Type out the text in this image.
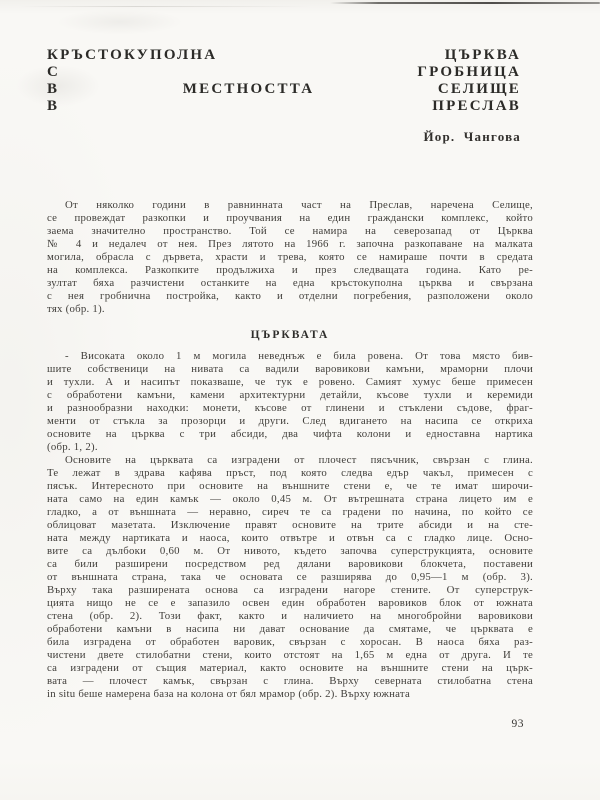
КРЪСТОКУПОЛНА ЦЪРКВА
С ГРОБНИЦА
В МЕСТНОСТТА СЕЛИЩЕ
В ПРЕСЛАВ
Йор. Чангова
От няколко години в равнинната част на Преслав, наречена Селище,
се провеждат разкопки и проучвания на един граждански комплекс, който
заема значително пространство. Той се намира на северозапад от Църква
№ 4 и недалеч от нея. През лятото на 1966 г. започна разкопаване на малката
могила, обрасла с дървета, храсти и трева, която се намираше почти в средата
на комплекса. Разкопките продължиха и през следващата година. Като ре-
зултат бяха разчистени останките на една кръстокуполна църква и свързана
с нея гробнична постройка, както и отделни погребения, разположени около
тях (обр. 1).
ЦЪРКВАТА
- Високата около 1 м могила неведнъж е била ровена. От това място бив-
шите собственици на нивата са вадили варовикови камъни, мраморни плочи
и тухли. А и насипът показваше, че тук е ровено. Самият хумус беше примесен
с обработени камъни, камени архитектурни детайли, късове тухли и керемиди
и разнообразни находки: монети, късове от глинени и стъклени съдове, фраг-
менти от стъкла за прозорци и други. След вдигането на насипа се откриха
основите на църква с три абсиди, два чифта колони и едноставна нартика
(обр. 1, 2).
Основите на църквата са изградени от плочест пясъчник, свързан с глина.
Те лежат в здрава кафява пръст, под която следва едър чакъл, примесен с
пясък. Интересното при основите на външните стени е, че те имат широчи-
ната само на един камък — около 0,45 м. От вътрешната страна лицето им е
гладко, а от външната — неравно, сиреч те са градени по начина, по който се
облицоват мазетата. Изключение правят основите на трите абсиди и на сте-
ната между нартиката и наоса, които отвътре и отвън са с гладко лице. Осно-
вите са дълбоки 0,60 м. От нивото, където започва суперструкцията, основите
са били разширени посредством ред дялани варовикови блокчета, поставени
от външната страна, така че основата се разширява до 0,95—1 м (обр. 3).
Върху така разширената основа са изградени нагоре стените. От суперструк-
цията нищо не се е запазило освен един обработен варовиков блок от южната
стена (обр. 2). Този факт, както и наличието на многобройни варовикови
обработени камъни в насипа ни дават основание да смятаме, че църквата е
била изградена от обработен варовик, свързан с хоросан. В наоса бяха раз-
чистени двете стилобатни стени, които отстоят на 1,65 м една от друга. И те
са изградени от същия материал, както основите на външните стени на църк-
вата — плочест камък, свързан с глина. Върху северната стилобатна стена
in situ беше намерена база на колона от бял мрамор (обр. 2). Върху южната
93
